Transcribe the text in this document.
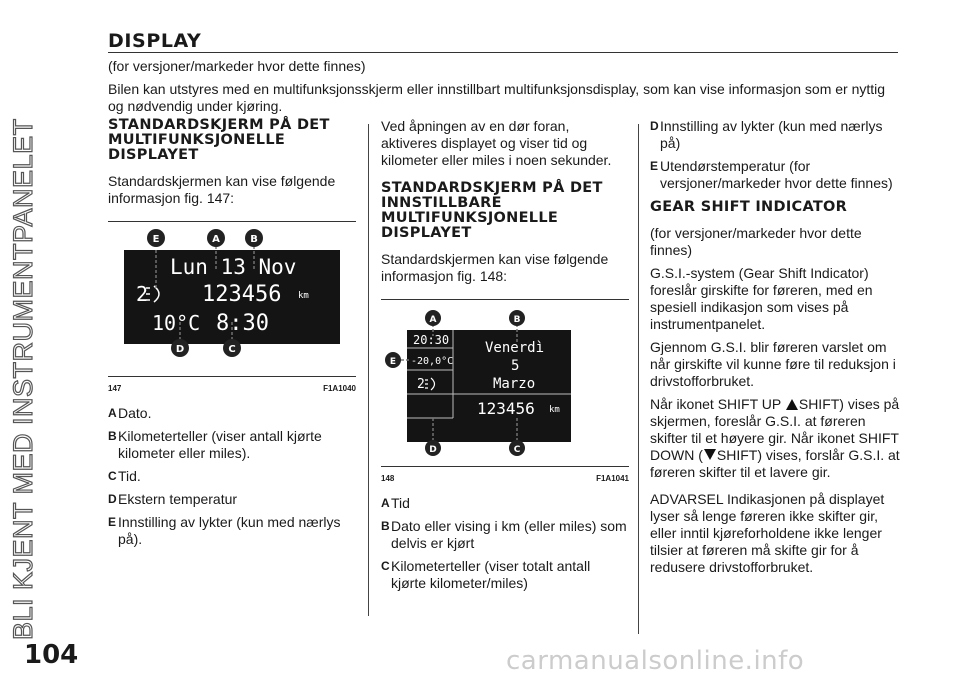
BLI KJENT MED INSTRUMENTPANELET
DISPLAY

(for versjoner/markeder hvor dette finnes)

Bilen kan utstyres med en multifunksjonsskjerm eller innstillbart multifunksjonsdisplay, som kan vise informasjon som er nyttig og nødvendig under kjøring.

STANDARDSKJERM PÅ DET MULTIFUNKSJONELLE DISPLAYET

Standardskjermen kan vise følgende informasjon fig. 147:

Lun 13 Nov
123456 km
2
10°C 8:30
E	A	B
D	C
147	F1A1040
A Dato.
B Kilometerteller (viser antall kjørte kilometer eller miles).
C Tid.
D Ekstern temperatur
E Innstilling av lykter (kun med nærlys på).

Ved åpningen av en dør foran, aktiveres displayet og viser tid og kilometer eller miles i noen sekunder.

STANDARDSKJERM PÅ DET INNSTILLBARE MULTIFUNKSJONELLE DISPLAYET

Standardskjermen kan vise følgende informasjon fig. 148:

20:30
-20,0°C
2
Venerdì
5
Marzo
123456 km
A	B
E
D	C
148	F1A1041
A Tid
B Dato eller vising i km (eller miles) som delvis er kjørt
C Kilometerteller (viser totalt antall kjørte kilometer/miles)
D Innstilling av lykter (kun med nærlys på)
E Utendørstemperatur (for versjoner/markeder hvor dette finnes)
GEAR SHIFT INDICATOR

(for versjoner/markeder hvor dette finnes)

G.S.I.-system (Gear Shift Indicator) foreslår girskifte for føreren, med en spesiell indikasjon som vises på instrumentpanelet.

Gjennom G.S.I. blir føreren varslet om når girskifte vil kunne føre til reduksjon i drivstofforbruket.

Når ikonet SHIFT UP SHIFT) vises på skjermen, foreslår G.S.I. at føreren skifter til et høyere gir. Når ikonet SHIFT DOWN ( SHIFT) vises, forslår G.S.I. at føreren skifter til et lavere gir.

ADVARSEL Indikasjonen på displayet lyser så lenge føreren ikke skifter gir, eller inntil kjøreforholdene ikke lenger tilsier at føreren må skifte gir for å redusere drivstofforbruket.

104	carmanualsonline.info
